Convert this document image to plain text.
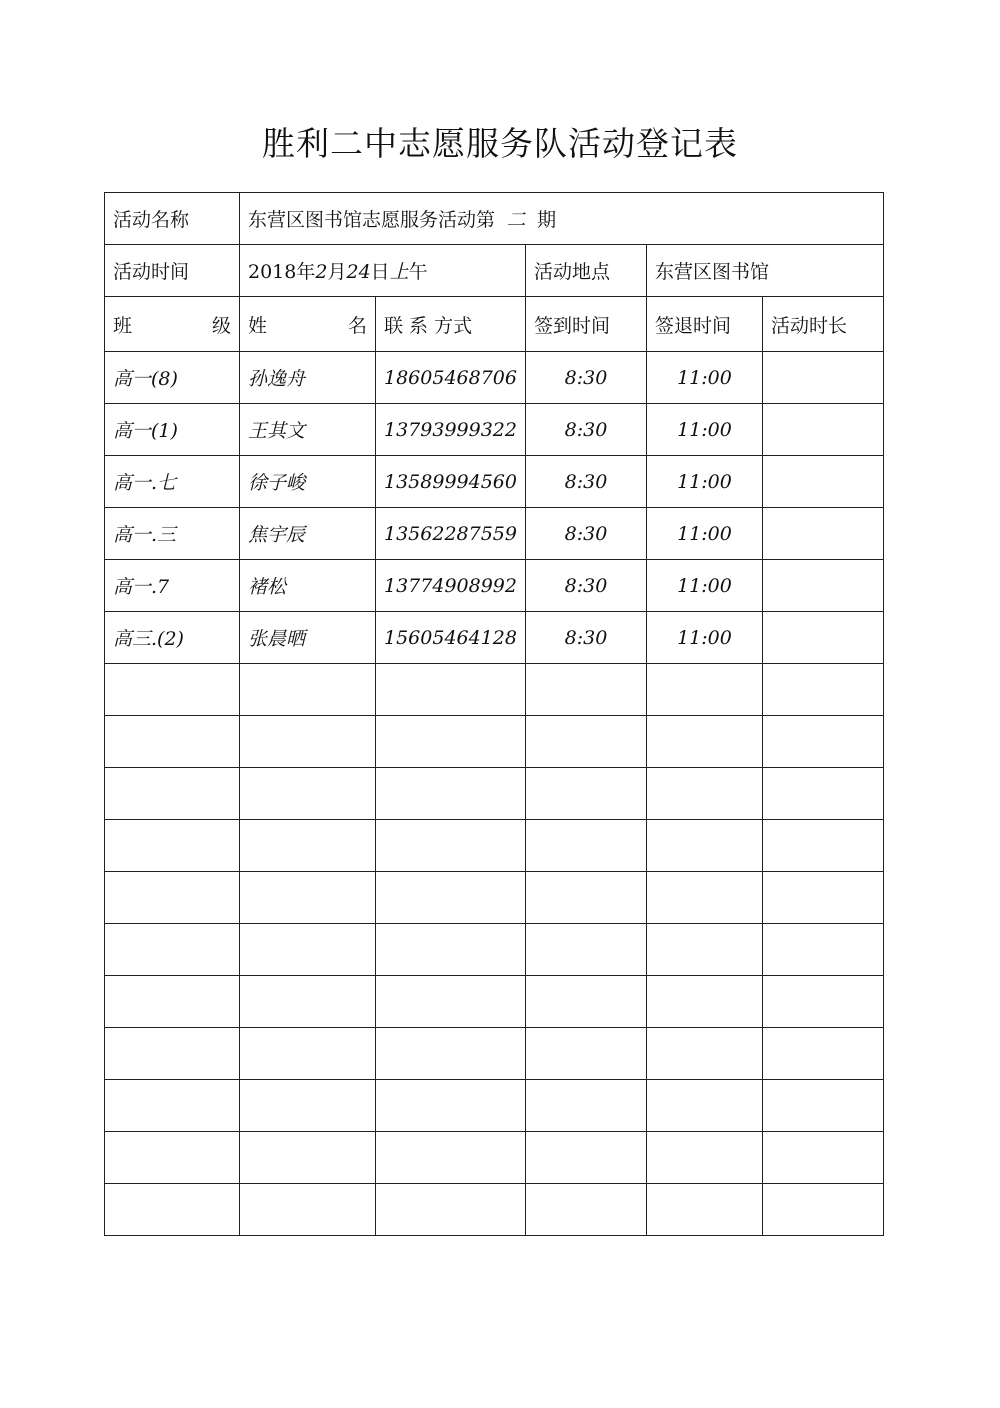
胜利二中志愿服务队活动登记表
活动名称	东营区图书馆志愿服务活动第 二 期				
活动时间	2018年2月24日上午		活动地点	东营区图书馆	

班 级	姓 名	联 系 方式	签到时间	签退时间	活动时长
高一(8)	孙逸舟	18605468706	8:30	11:00	
高一(1)	王其文	13793999322	8:30	11:00	
高一.七	徐子峻	13589994560	8:30	11:00	
高一.三	焦宇辰	13562287559	8:30	11:00	
高一.7	褚松	13774908992	8:30	11:00	
高三.(2)	张晨晒	15605464128	8:30	11:00	
